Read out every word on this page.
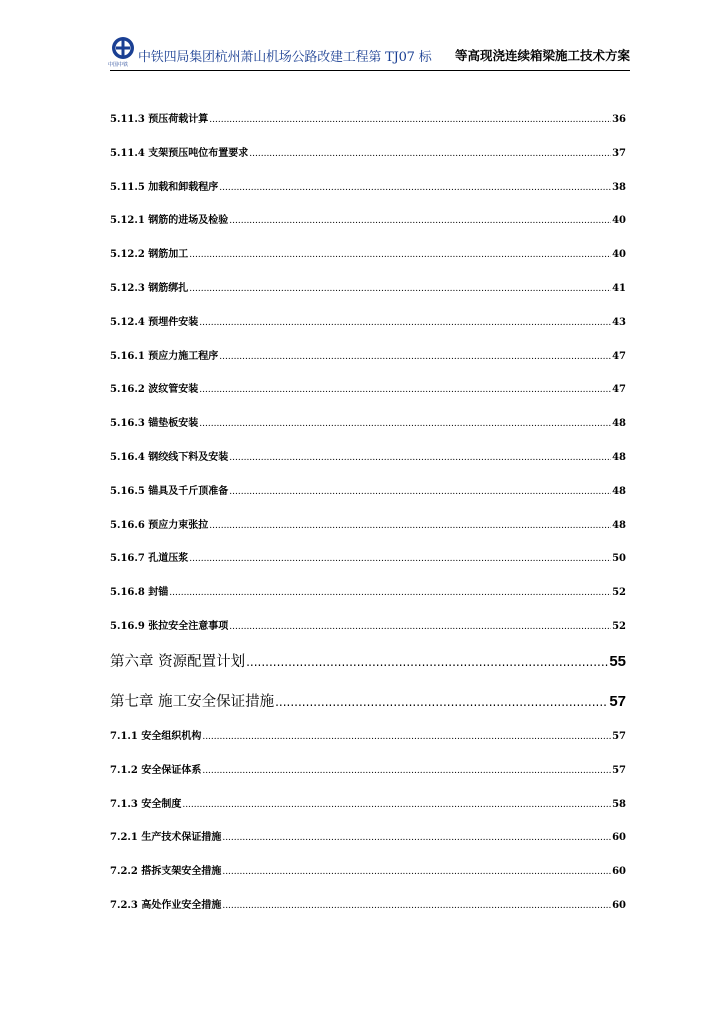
中国中铁 中铁四局集团杭州萧山机场公路改建工程第 TJ07 标 等高现浇连续箱梁施工技术方案
5.11.3 预压荷载计算 .....	36
5.11.4 支架预压吨位布置要求 .....	37
5.11.5 加载和卸载程序 .....	38
5.12.1 钢筋的进场及检验 .....	40
5.12.2 钢筋加工 .....	40
5.12.3 钢筋绑扎 .....	41
5.12.4 预埋件安装 .....	43
5.16.1 预应力施工程序 .....	47
5.16.2 波纹管安装 .....	47
5.16.3 锚垫板安装 .....	48
5.16.4 钢绞线下料及安装 .....	48
5.16.5 锚具及千斤顶准备 .....	48
5.16.6 预应力束张拉 .....	48
5.16.7 孔道压浆 .....	50
5.16.8 封锚 .....	52
5.16.9 张拉安全注意事项 .....	52
第六章 资源配置计划 .....	55
第七章 施工安全保证措施 .....	57
7.1.1 安全组织机构 .....	57
7.1.2 安全保证体系 .....	57
7.1.3 安全制度 .....	58
7.2.1 生产技术保证措施 .....	60
7.2.2 搭拆支架安全措施 .....	60
7.2.3 高处作业安全措施 .....	60
